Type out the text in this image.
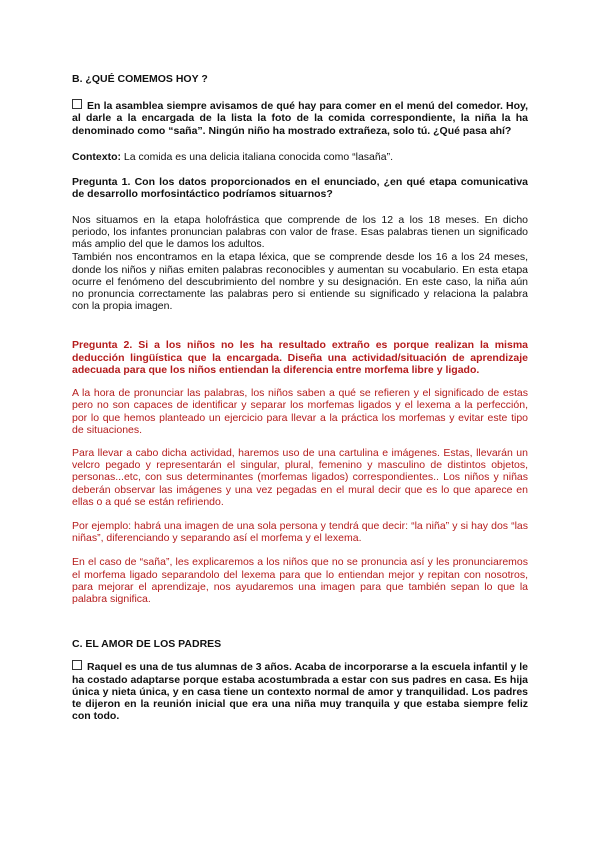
B. ¿QUÉ COMEMOS HOY ?

En la asamblea siempre avisamos de qué hay para comer en el menú del comedor. Hoy, al darle a la encargada de la lista la foto de la comida correspondiente, la niña la ha denominado como “saña”. Ningún niño ha mostrado extrañeza, solo tú. ¿Qué pasa ahí?

Contexto: La comida es una delicia italiana conocida como “lasaña”.

Pregunta 1. Con los datos proporcionados en el enunciado, ¿en qué etapa comunicativa de desarrollo morfosintáctico podríamos situarnos?

Nos situamos en la etapa holofrástica que comprende de los 12 a los 18 meses. En dicho periodo, los infantes pronuncian palabras con valor de frase. Esas palabras tienen un significado más amplio del que le damos los adultos.

También nos encontramos en la etapa léxica, que se comprende desde los 16 a los 24 meses, donde los niños y niñas emiten palabras reconocibles y aumentan su vocabulario. En esta etapa ocurre el fenómeno del descubrimiento del nombre y su designación. En este caso, la niña aún no pronuncia correctamente las palabras pero si entiende su significado y relaciona la palabra con la propia imagen.

Pregunta 2. Si a los niños no les ha resultado extraño es porque realizan la misma deducción lingüística que la encargada. Diseña una actividad/situación de aprendizaje adecuada para que los niños entiendan la diferencia entre morfema libre y ligado.

A la hora de pronunciar las palabras, los niños saben a qué se refieren y el significado de estas pero no son capaces de identificar y separar los morfemas ligados y el lexema a la perfección, por lo que hemos planteado un ejercicio para llevar a la práctica los morfemas y evitar este tipo de situaciones.

Para llevar a cabo dicha actividad, haremos uso de una cartulina e imágenes. Estas, llevarán un velcro pegado y representarán el singular, plural, femenino y masculino de distintos objetos, personas...etc, con sus determinantes (morfemas ligados) correspondientes.. Los niños y niñas deberán observar las imágenes y una vez pegadas en el mural decir que es lo que aparece en ellas o a qué se están refiriendo.

Por ejemplo: habrá una imagen de una sola persona y tendrá que decir: “la niña” y si hay dos “las niñas”, diferenciando y separando así el morfema y el lexema.

En el caso de “saña”, les explicaremos a los niños que no se pronuncia así y les pronunciaremos el morfema ligado separandolo del lexema para que lo entiendan mejor y repitan con nosotros, para mejorar el aprendizaje, nos ayudaremos una imagen para que también sepan lo que la palabra significa.

C. EL AMOR DE LOS PADRES

Raquel es una de tus alumnas de 3 años. Acaba de incorporarse a la escuela infantil y le ha costado adaptarse porque estaba acostumbrada a estar con sus padres en casa. Es hija única y nieta única, y en casa tiene un contexto normal de amor y tranquilidad. Los padres te dijeron en la reunión inicial que era una niña muy tranquila y que estaba siempre feliz con todo.
